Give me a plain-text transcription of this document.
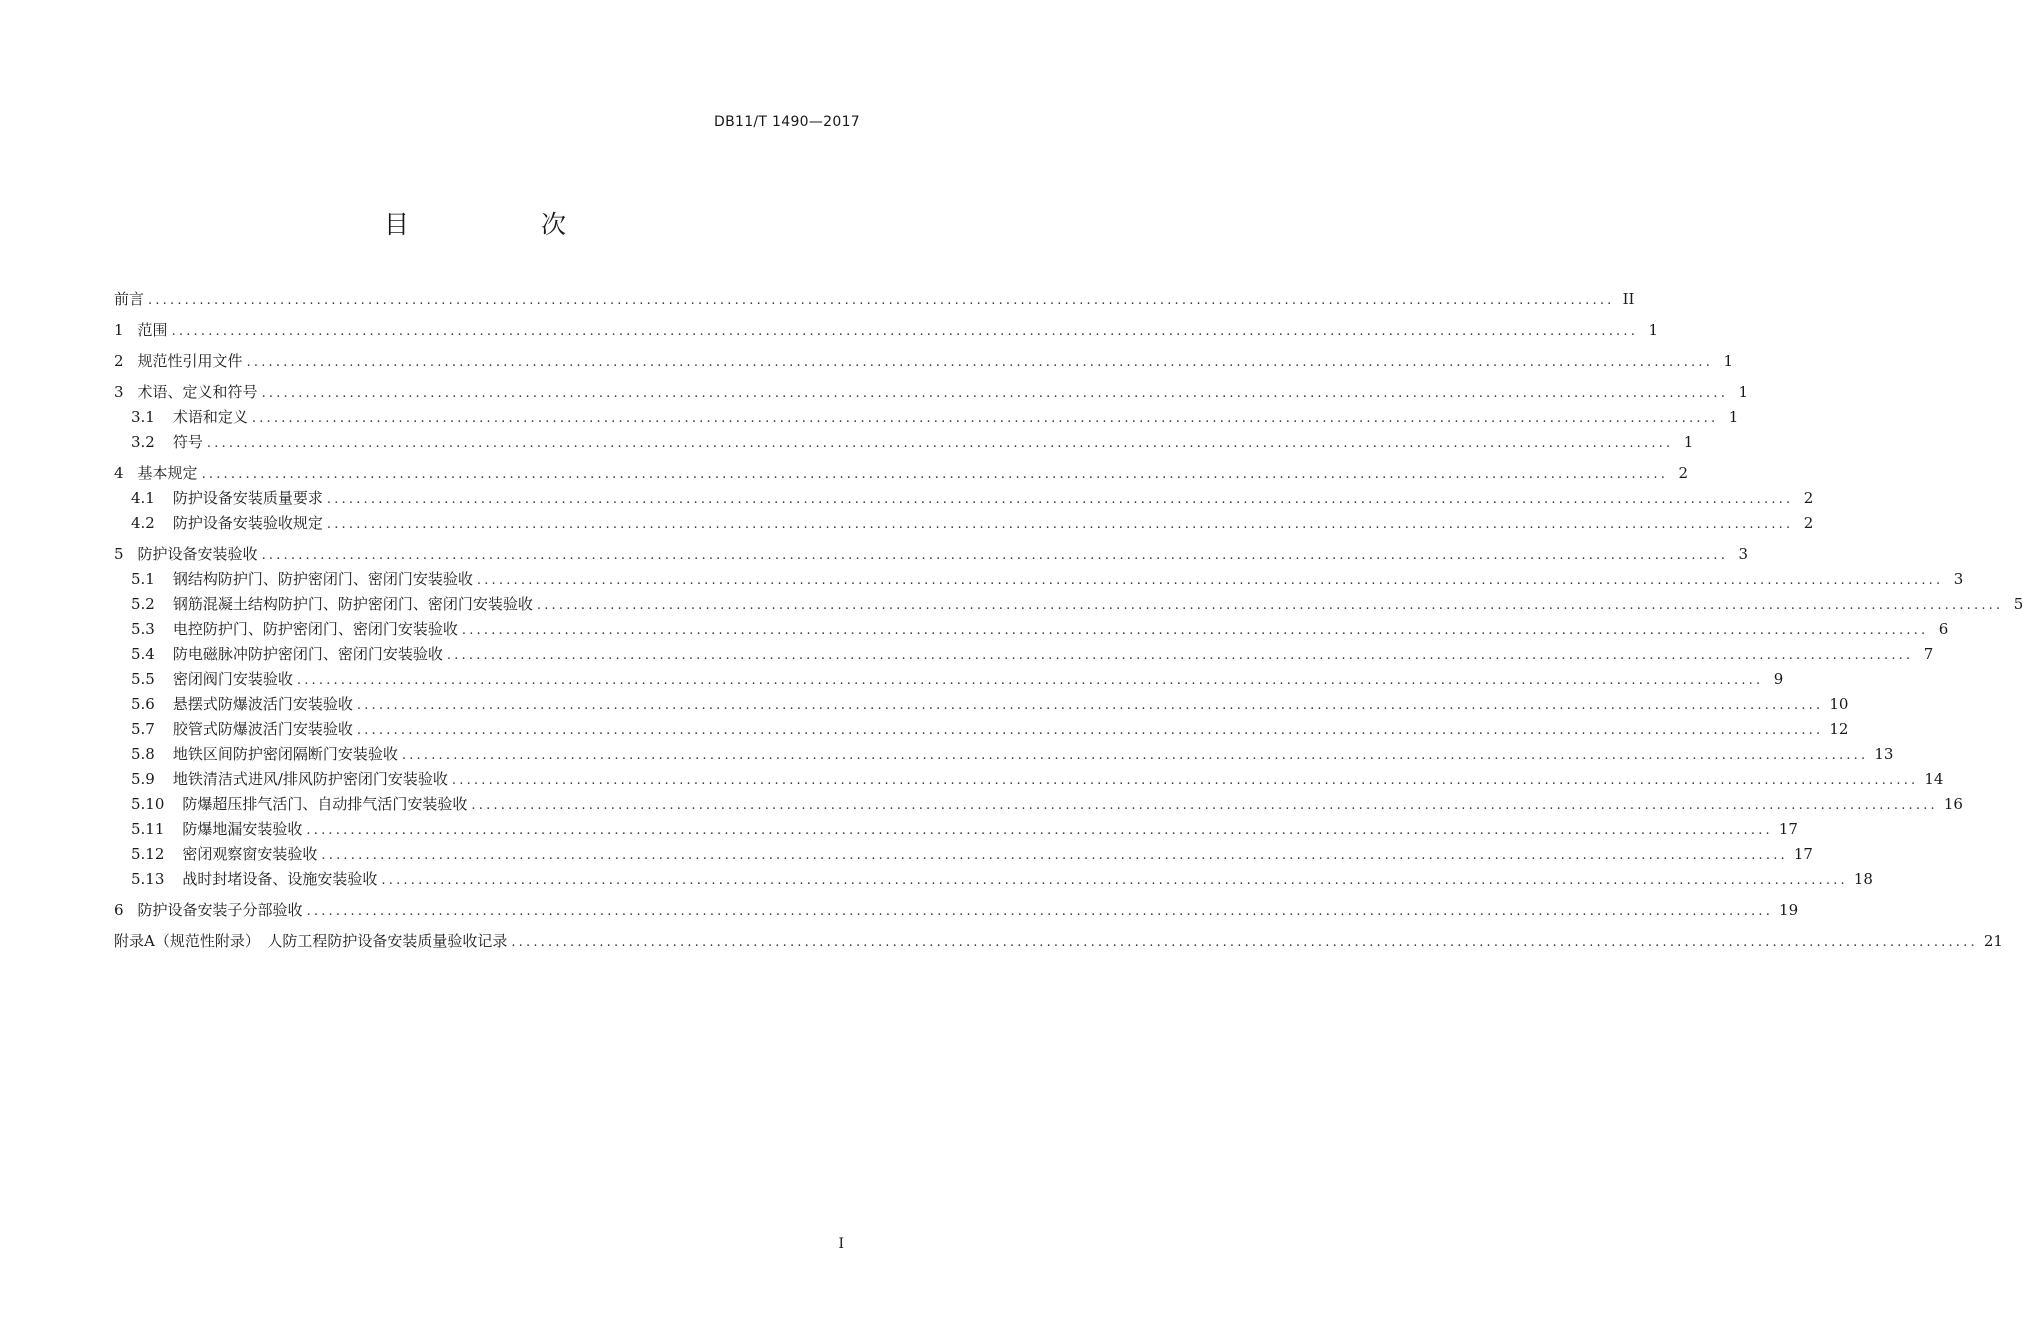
DB11/T 1490—2017
目 次
前言 ........................................................................................................................................................................................................ II
1 范围 ........................................................................................................................................................................................................ 1
2 规范性引用文件 ........................................................................................................................................................................................................ 1
3 术语、定义和符号 ........................................................................................................................................................................................................ 1
3.1 术语和定义 ........................................................................................................................................................................................................ 1
3.2 符号 ........................................................................................................................................................................................................ 1
4 基本规定 ........................................................................................................................................................................................................ 2
4.1 防护设备安装质量要求 ........................................................................................................................................................................................................ 2
4.2 防护设备安装验收规定 ........................................................................................................................................................................................................ 2
5 防护设备安装验收 ........................................................................................................................................................................................................ 3
5.1 钢结构防护门、防护密闭门、密闭门安装验收 ........................................................................................................................................................................................................ 3
5.2 钢筋混凝土结构防护门、防护密闭门、密闭门安装验收 ........................................................................................................................................................................................................ 5
5.3 电控防护门、防护密闭门、密闭门安装验收 ........................................................................................................................................................................................................ 6
5.4 防电磁脉冲防护密闭门、密闭门安装验收 ........................................................................................................................................................................................................ 7
5.5 密闭阀门安装验收 ........................................................................................................................................................................................................ 9
5.6 悬摆式防爆波活门安装验收 ........................................................................................................................................................................................................ 10
5.7 胶管式防爆波活门安装验收 ........................................................................................................................................................................................................ 12
5.8 地铁区间防护密闭隔断门安装验收 ........................................................................................................................................................................................................ 13
5.9 地铁清洁式进风/排风防护密闭门安装验收 ........................................................................................................................................................................................................ 14
5.10 防爆超压排气活门、自动排气活门安装验收 ........................................................................................................................................................................................................ 16
5.11 防爆地漏安装验收 ........................................................................................................................................................................................................ 17
5.12 密闭观察窗安装验收 ........................................................................................................................................................................................................ 17
5.13 战时封堵设备、设施安装验收 ........................................................................................................................................................................................................ 18
6 防护设备安装子分部验收 ........................................................................................................................................................................................................ 19
附录A（规范性附录）　人防工程防护设备安装质量验收记录 ........................................................................................................................................................................................................ 21
I
